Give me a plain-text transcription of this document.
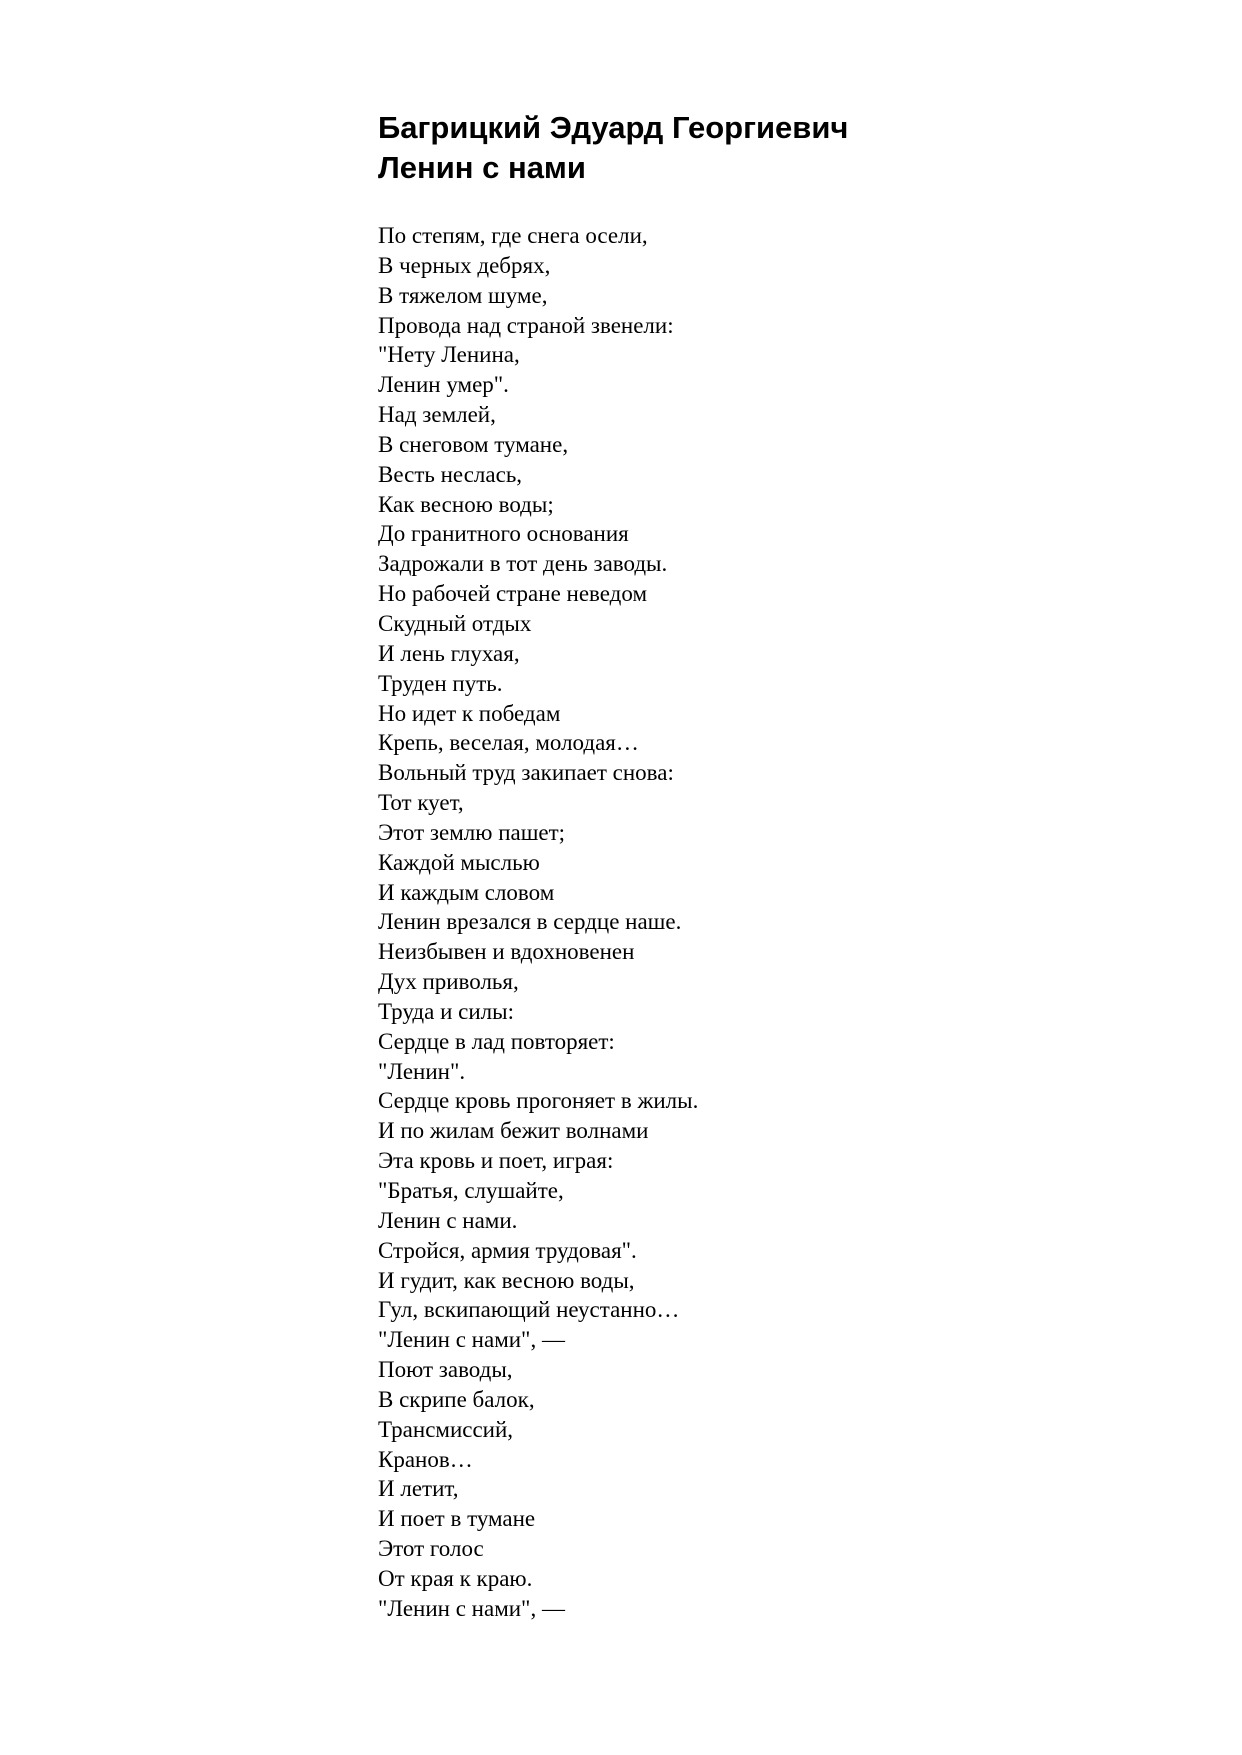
Багрицкий Эдуард Георгиевич
Ленин с нами
По степям, где снега осели,
В черных дебрях,
В тяжелом шуме,
Провода над страной звенели:
"Нету Ленина,
Ленин умер".
Над землей,
В снеговом тумане,
Весть неслась,
Как весною воды;
До гранитного основания
Задрожали в тот день заводы.
Но рабочей стране неведом
Скудный отдых
И лень глухая,
Труден путь.
Но идет к победам
Крепь, веселая, молодая…
Вольный труд закипает снова:
Тот кует,
Этот землю пашет;
Каждой мыслью
И каждым словом
Ленин врезался в сердце наше.
Неизбывен и вдохновенен
Дух приволья,
Труда и силы:
Сердце в лад повторяет:
"Ленин".
Сердце кровь прогоняет в жилы.
И по жилам бежит волнами
Эта кровь и поет, играя:
"Братья, слушайте,
Ленин с нами.
Стройся, армия трудовая".
И гудит, как весною воды,
Гул, вскипающий неустанно…
"Ленин с нами", —
Поют заводы,
В скрипе балок,
Трансмиссий,
Кранов…
И летит,
И поет в тумане
Этот голос
От края к краю.
"Ленин с нами", —
